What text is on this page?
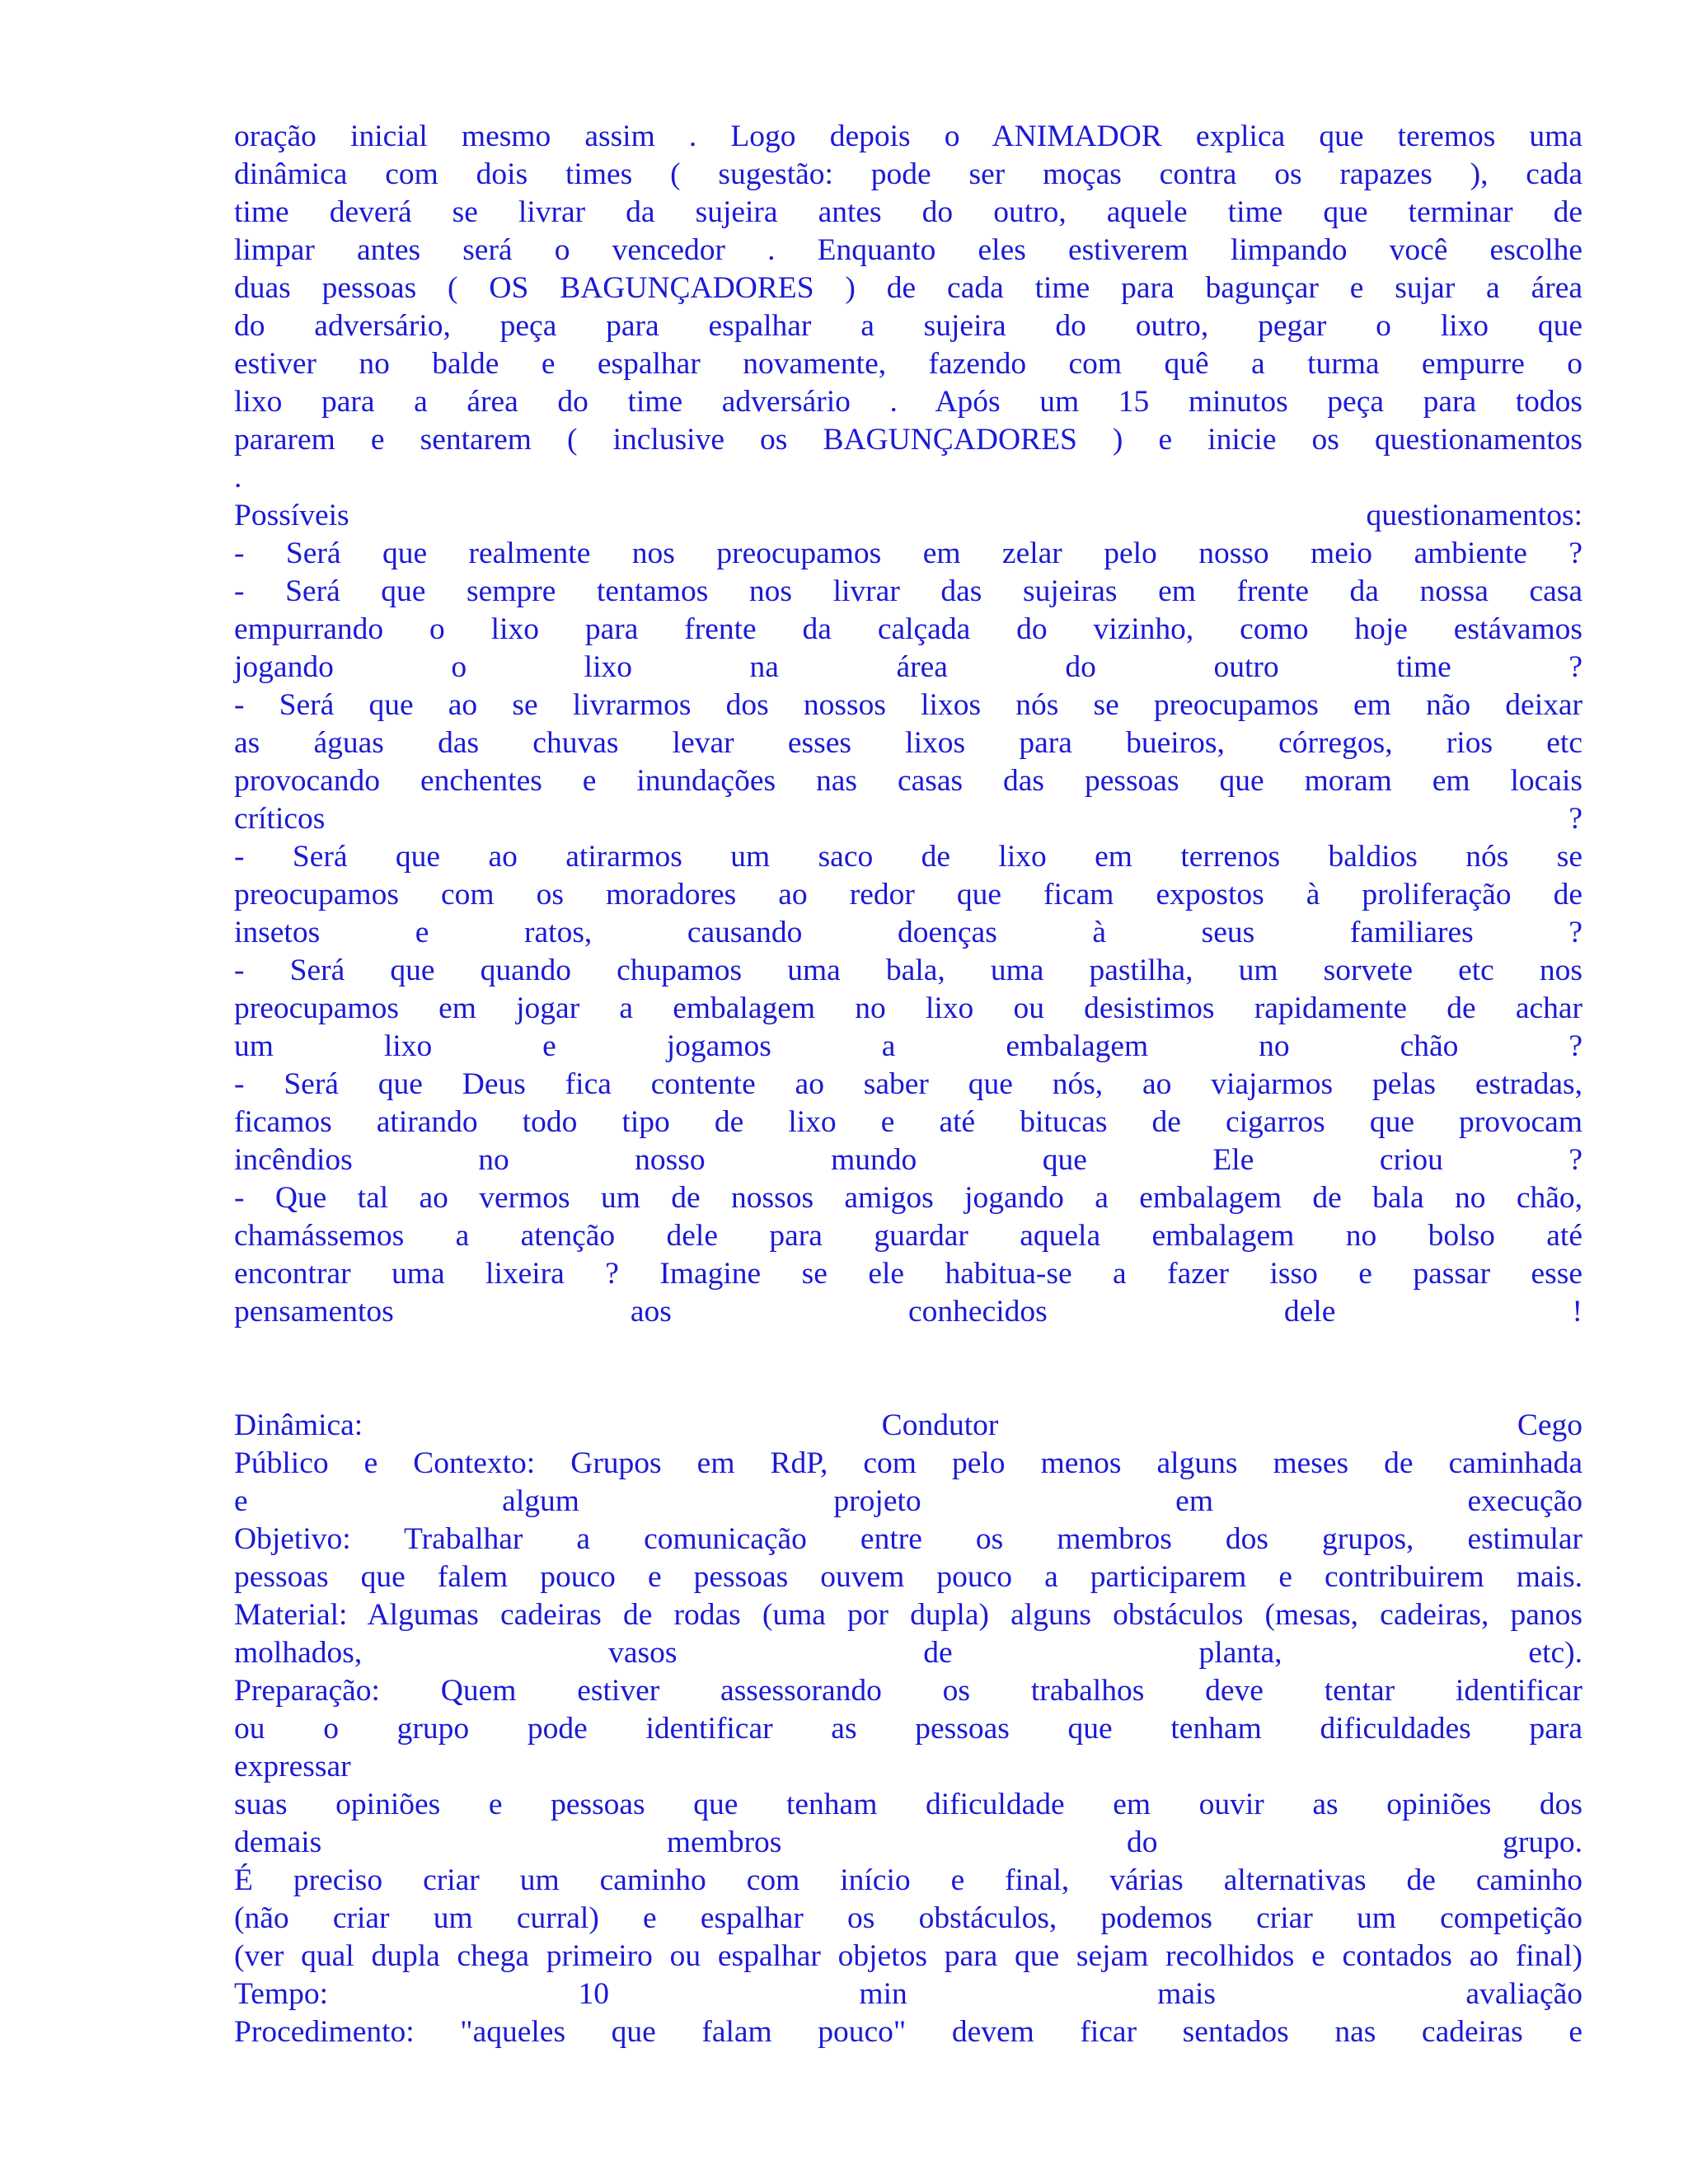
oração inicial mesmo assim . Logo depois o ANIMADOR explica que teremos uma
dinâmica com dois times ( sugestão: pode ser moças contra os rapazes ), cada
time deverá se livrar da sujeira antes do outro, aquele time que terminar de
limpar antes será o vencedor . Enquanto eles estiverem limpando você escolhe
duas pessoas ( OS BAGUNÇADORES ) de cada time para bagunçar e sujar a área
do adversário, peça para espalhar a sujeira do outro, pegar o lixo que
estiver no balde e espalhar novamente, fazendo com quê a turma empurre o
lixo para a área do time adversário . Após um 15 minutos peça para todos
pararem e sentarem ( inclusive os BAGUNÇADORES ) e inicie os questionamentos
.
Possíveis questionamentos:
- Será que realmente nos preocupamos em zelar pelo nosso meio ambiente ?
- Será que sempre tentamos nos livrar das sujeiras em frente da nossa casa
empurrando o lixo para frente da calçada do vizinho, como hoje estávamos
jogando o lixo na área do outro time ?
- Será que ao se livrarmos dos nossos lixos nós se preocupamos em não deixar
as águas das chuvas levar esses lixos para bueiros, córregos, rios etc
provocando enchentes e inundações nas casas das pessoas que moram em locais
críticos ?
- Será que ao atirarmos um saco de lixo em terrenos baldios nós se
preocupamos com os moradores ao redor que ficam expostos à proliferação de
insetos e ratos, causando doenças à seus familiares ?
- Será que quando chupamos uma bala, uma pastilha, um sorvete etc nos
preocupamos em jogar a embalagem no lixo ou desistimos rapidamente de achar
um lixo e jogamos a embalagem no chão ?
- Será que Deus fica contente ao saber que nós, ao viajarmos pelas estradas,
ficamos atirando todo tipo de lixo e até bitucas de cigarros que provocam
incêndios no nosso mundo que Ele criou ?
- Que tal ao vermos um de nossos amigos jogando a embalagem de bala no chão,
chamássemos a atenção dele para guardar aquela embalagem no bolso até
encontrar uma lixeira ? Imagine se ele habitua-se a fazer isso e passar esse
pensamentos aos conhecidos dele !
Dinâmica: Condutor Cego
Público e Contexto: Grupos em RdP, com pelo menos alguns meses de caminhada
e algum projeto em execução
Objetivo: Trabalhar a comunicação entre os membros dos grupos, estimular
pessoas que falem pouco e pessoas ouvem pouco a participarem e contribuirem mais.
Material: Algumas cadeiras de rodas (uma por dupla) alguns obstáculos (mesas, cadeiras, panos
molhados, vasos de planta, etc).
Preparação: Quem estiver assessorando os trabalhos deve tentar identificar
ou o grupo pode identificar as pessoas que tenham dificuldades para
expressar
suas opiniões e pessoas que tenham dificuldade em ouvir as opiniões dos
demais membros do grupo.
É preciso criar um caminho com início e final, várias alternativas de caminho
(não criar um curral) e espalhar os obstáculos, podemos criar um competição
(ver qual dupla chega primeiro ou espalhar objetos para que sejam recolhidos e contados ao final)
Tempo: 10 min mais avaliação
Procedimento: "aqueles que falam pouco" devem ficar sentados nas cadeiras e
